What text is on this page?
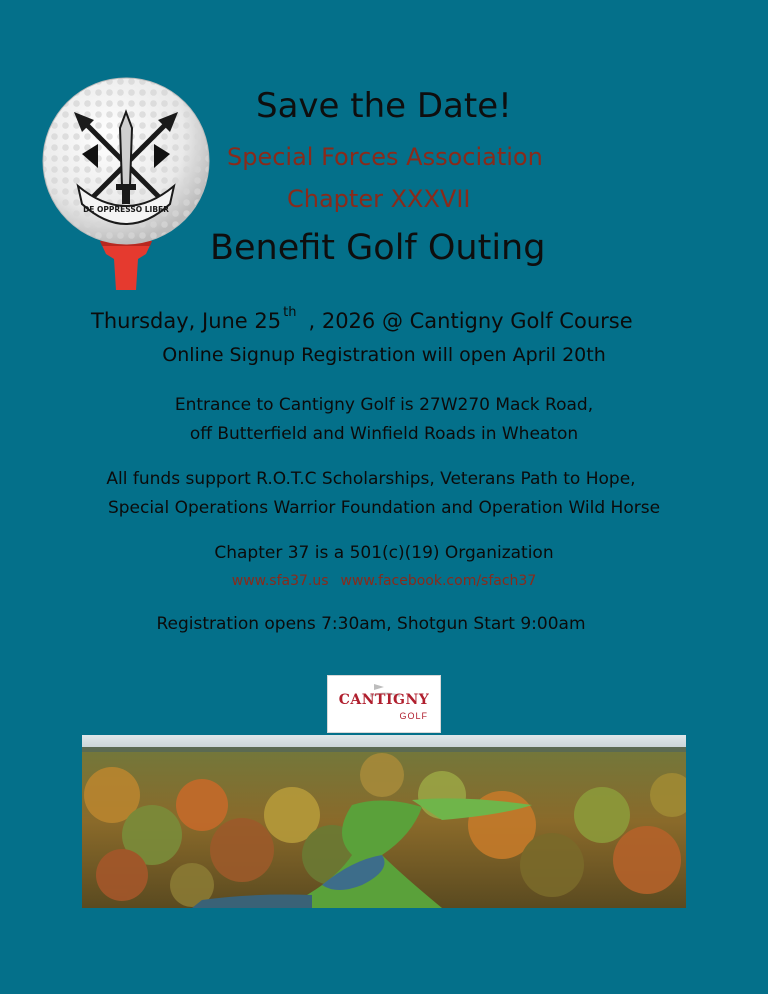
DE OPPRESSO LIBER
Save the Date!
Special Forces Association
Chapter XXXVII
Benefit Golf Outing
Thursday, June 25 $^{th}$ , 2026 @ Cantigny Golf Course
Online Signup Registration will open April 20th
Entrance to Cantigny Golf is 27W270 Mack Road,
off Butterfield and Winfield Roads in Wheaton
All funds support R.O.T.C Scholarships, Veterans Path to Hope,
Special Operations Warrior Foundation and Operation Wild Horse
Chapter 37 is a 501(c)(19) Organization
www.sfa37.us www.facebook.com/sfach37
Registration opens 7:30am, Shotgun Start 9:00am
CANTIGNY
GOLF
